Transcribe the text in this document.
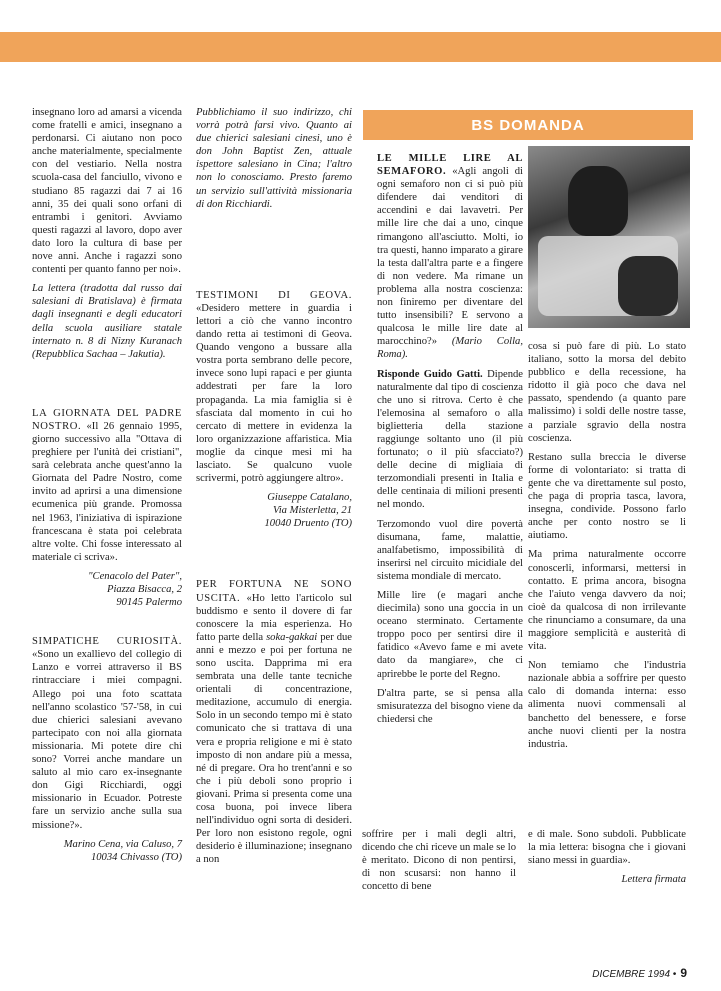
insegnano loro ad amarsi a vicenda come fratelli e amici, insegnano a perdonarsi. Ci aiutano non poco anche materialmente, specialmente con del vestiario. Nella nostra scuola-casa del fanciullo, vivono e studiano 85 ragazzi dai 7 ai 16 anni, 35 dei quali sono orfani di entrambi i genitori. Avviamo questi ragazzi al lavoro, dopo aver dato loro la cultura di base per nove anni. Anche i ragazzi sono contenti per quanto fanno per noi».

La lettera (tradotta dal russo dai salesiani di Bratislava) è firmata dagli insegnanti e degli educatori della scuola ausiliare statale internato n. 8 di Nizny Kuranach (Repubblica Sachaa – Jakutia).

LA GIORNATA DEL PADRE NOSTRO. «Il 26 gennaio 1995, giorno successivo alla "Ottava di preghiere per l'unità dei cristiani", sarà celebrata anche quest'anno la Giornata del Padre Nostro, come invito ad aprirsi a una dimensione ecumenica più grande. Promossa nel 1963, l'iniziativa di ispirazione francescana è stata poi celebrata altre volte. Chi fosse interessato al materiale ci scriva».

"Cenacolo del Pater",
Piazza Bisacca, 2
90145 Palermo

SIMPATICHE CURIOSITÀ. «Sono un exallievo del collegio di Lanzo e vorrei attraverso il BS rintracciare i miei compagni. Allego poi una foto scattata nell'anno scolastico '57-'58, in cui due chierici salesiani avevano partecipato con noi alla giornata missionaria. Mi potete dire chi sono? Vorrei anche mandare un saluto al mio caro ex-insegnante don Gigi Ricchiardi, oggi missionario in Ecuador. Potreste fare un servizio anche sulla sua missione?».

Marino Cena, via Caluso, 7
10034 Chivasso (TO)

Pubblichiamo il suo indirizzo, chi vorrà potrà farsi vivo. Quanto ai due chierici salesiani cinesi, uno è don John Baptist Zen, attuale ispettore salesiano in Cina; l'altro non lo conosciamo. Presto faremo un servizio sull'attività missionaria di don Ricchiardi.

TESTIMONI DI GEOVA. «Desidero mettere in guardia i lettori a ciò che vanno incontro dando retta ai testimoni di Geova. Quando vengono a bussare alla vostra porta sembrano delle pecore, invece sono lupi rapaci e per giunta addestrati per fare la loro propaganda. La mia famiglia si è sfasciata dal momento in cui ho cercato di mettere in evidenza la loro organizzazione affaristica. Mia moglie da cinque mesi mi ha lasciato. Se qualcuno vuole scrivermi, potrò aggiungere altro».

Giuseppe Catalano,
Via Misterletta, 21
10040 Druento (TO)

PER FORTUNA NE SONO USCITA. «Ho letto l'articolo sul buddismo e sento il dovere di far conoscere la mia esperienza. Ho fatto parte della soka-gakkai per due anni e mezzo e poi per fortuna ne sono uscita. Dapprima mi era sembrata una delle tante tecniche orientali di concentrazione, meditazione, accumulo di energia. Solo in un secondo tempo mi è stato comunicato che si trattava di una vera e propria religione e mi è stato imposto di non andare più a messa, né di pregare. Ora ho trent'anni e so che i più deboli sono proprio i giovani. Prima si presenta come una cosa buona, poi invece libera nell'individuo ogni sorta di desideri. Per loro non esistono regole, ogni desiderio è illuminazione; insegnano a non

BS DOMANDA

LE MILLE LIRE AL SEMAFORO. «Agli angoli di ogni semaforo non ci si può più difendere dai venditori di accendini e dai lavavetri. Per mille lire che dai a uno, cinque rimangono all'asciutto. Molti, io tra questi, hanno imparato a girare la testa dall'altra parte e a fingere di non vedere. Ma rimane un problema alla nostra coscienza: non finiremo per diventare del tutto insensibili? E servono a qualcosa le mille lire date al marocchino?» (Mario Colla, Roma).

Risponde Guido Gatti. Dipende naturalmente dal tipo di coscienza che uno si ritrova. Certo è che l'elemosina al semaforo o alla biglietteria della stazione raggiunge soltanto uno (il più fortunato; o il più sfacciato?) delle decine di migliaia di terzomondiali presenti in Italia e delle centinaia di milioni presenti nel mondo.

Terzomondo vuol dire povertà disumana, fame, malattie, analfabetismo, impossibilità di inserirsi nel circuito micidiale del sistema mondiale di mercato.

Mille lire (e magari anche diecimila) sono una goccia in un oceano sterminato. Certamente troppo poco per sentirsi dire il fatidico «Avevo fame e mi avete dato da mangiare», che ci aprirebbe le porte del Regno.

D'altra parte, se si pensa alla smisuratezza del bisogno viene da chiedersi che

cosa si può fare di più. Lo stato italiano, sotto la morsa del debito pubblico e della recessione, ha ridotto il già poco che dava nel passato, spendendo (a quanto pare malissimo) i soldi delle nostre tasse, a parziale sgravio della nostra coscienza.

Restano sulla breccia le diverse forme di volontariato: si tratta di gente che va direttamente sul posto, che paga di propria tasca, lavora, insegna, condivide. Possono farlo anche per conto nostro se li aiutiamo.

Ma prima naturalmente occorre conoscerli, informarsi, mettersi in contatto. E prima ancora, bisogna che l'aiuto venga davvero da noi; cioè da qualcosa di non irrilevante che rinunciamo a consumare, da una maggiore semplicità e austerità di vita.

Non temiamo che l'industria nazionale abbia a soffrire per questo calo di domanda interna: esso alimenta nuovi commensali al banchetto del benessere, e forse anche nuovi clienti per la nostra industria.

soffrire per i mali degli altri, dicendo che chi riceve un male se lo è meritato. Dicono di non pentirsi, di non scusarsi: non hanno il concetto di bene

e di male. Sono subdoli. Pubblicate la mia lettera: bisogna che i giovani siano messi in guardia».

Lettera firmata
DICEMBRE 1994 • 9
